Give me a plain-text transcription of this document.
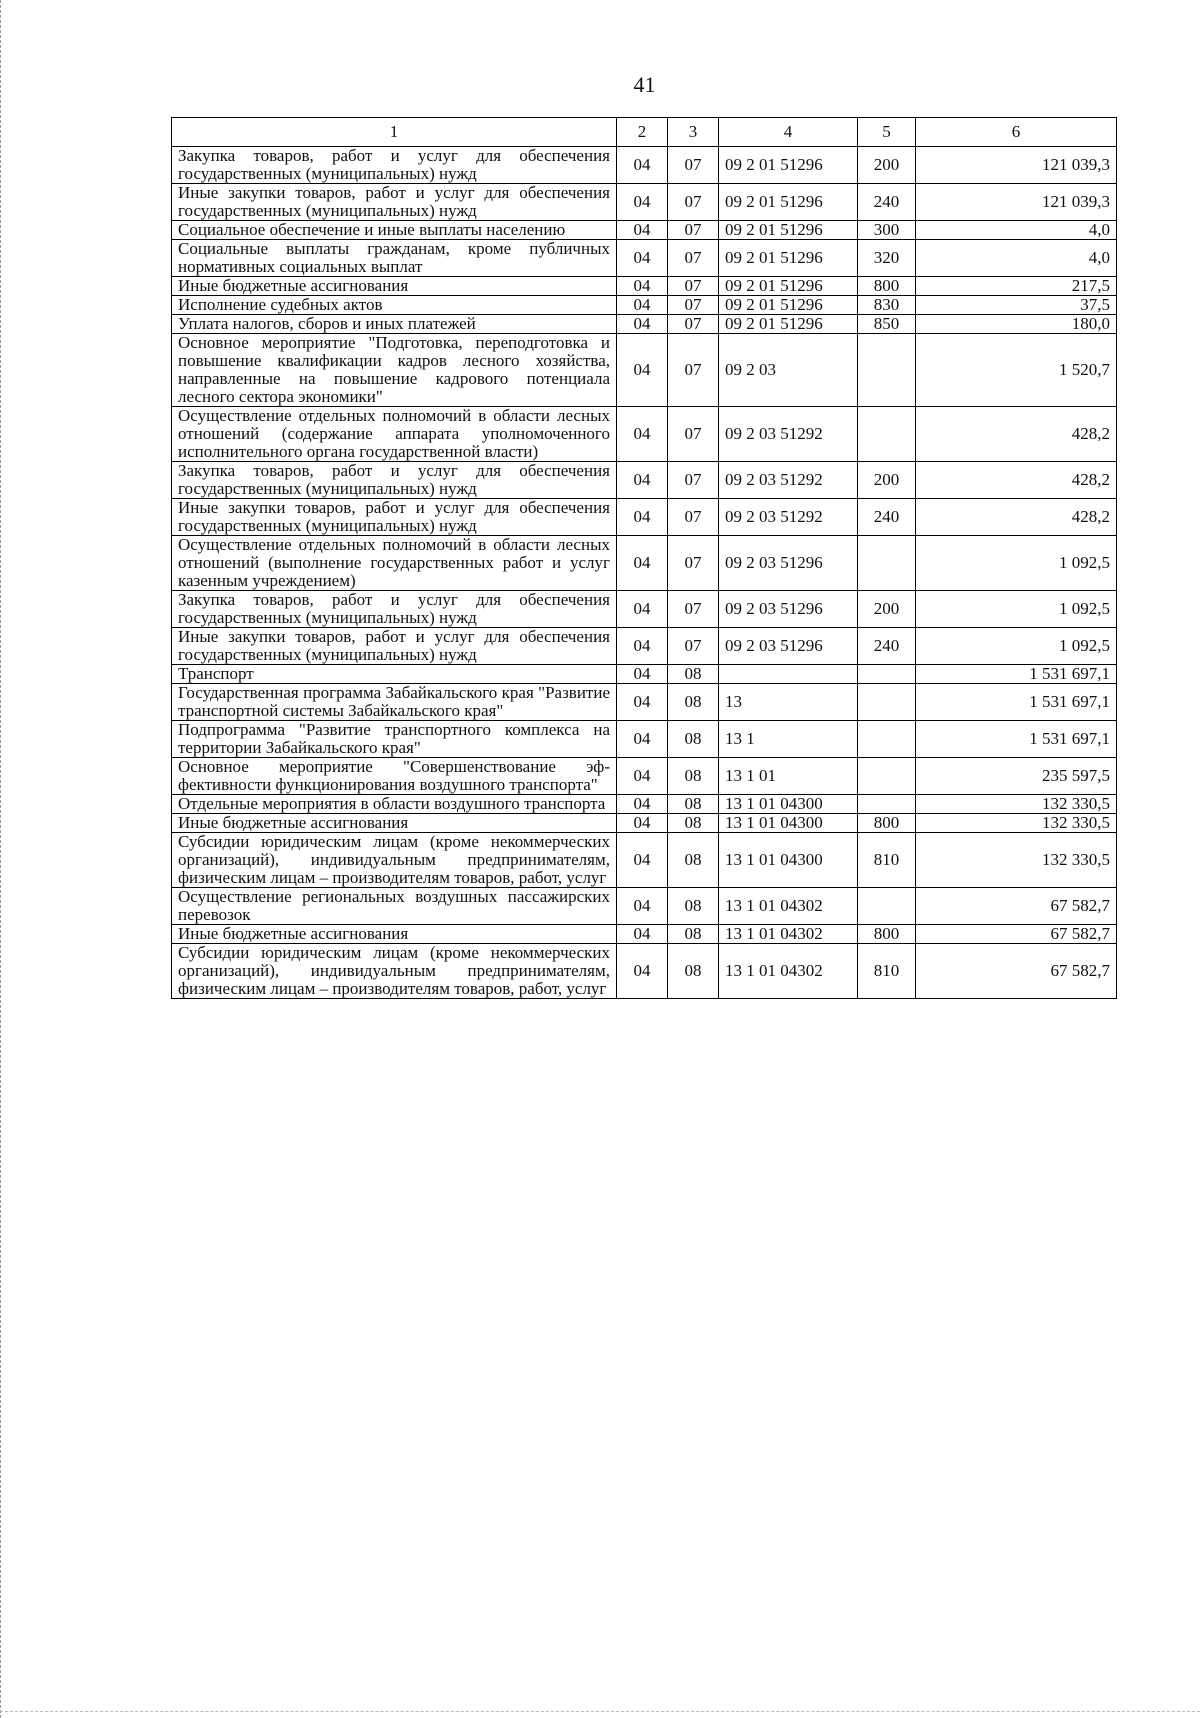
41
1	2	3	4	5	6
Закупка товаров, работ и услуг для обеспечения государственных (муниципальных) нужд	04	07	09 2 01 51296	200	121 039,3
Иные закупки товаров, работ и услуг для обеспечения государственных (муниципальных) нужд	04	07	09 2 01 51296	240	121 039,3
Социальное обеспечение и иные выплаты населению	04	07	09 2 01 51296	300	4,0
Социальные выплаты гражданам, кроме публичных нормативных социальных выплат	04	07	09 2 01 51296	320	4,0
Иные бюджетные ассигнования	04	07	09 2 01 51296	800	217,5
Исполнение судебных актов	04	07	09 2 01 51296	830	37,5
Уплата налогов, сборов и иных платежей	04	07	09 2 01 51296	850	180,0
Основное мероприятие "Подготовка, переподготовка и повышение квалификации кадров лесного хозяйства, направленные на повышение кадрового потенциала лесного сектора экономики"	04	07	09 2 03		1 520,7
Осуществление отдельных полномочий в области лесных отношений (содержание аппарата уполномоченного исполнительного органа государственной власти)	04	07	09 2 03 51292		428,2
Закупка товаров, работ и услуг для обеспечения государственных (муниципальных) нужд	04	07	09 2 03 51292	200	428,2
Иные закупки товаров, работ и услуг для обеспечения государственных (муниципальных) нужд	04	07	09 2 03 51292	240	428,2
Осуществление отдельных полномочий в области лесных отношений (выполнение государственных работ и услуг казенным учреждением)	04	07	09 2 03 51296		1 092,5
Закупка товаров, работ и услуг для обеспечения государственных (муниципальных) нужд	04	07	09 2 03 51296	200	1 092,5
Иные закупки товаров, работ и услуг для обеспечения государственных (муниципальных) нужд	04	07	09 2 03 51296	240	1 092,5
Транспорт	04	08			1 531 697,1
Государственная программа Забайкальского края "Развитие транспортной системы Забайкальского края"	04	08	13		1 531 697,1
Подпрограмма "Развитие транспортного комплекса на территории Забайкальского края"	04	08	13 1		1 531 697,1
Основное мероприятие "Совершенствование эффективности функционирования воздушного транспорта"	04	08	13 1 01		235 597,5
Отдельные мероприятия в области воздушного транспорта	04	08	13 1 01 04300		132 330,5
Иные бюджетные ассигнования	04	08	13 1 01 04300	800	132 330,5
Субсидии юридическим лицам (кроме некоммерческих организаций), индивидуальным предпринимателям, физическим лицам – производителям товаров, работ, услуг	04	08	13 1 01 04300	810	132 330,5
Осуществление региональных воздушных пассажирских перевозок	04	08	13 1 01 04302		67 582,7
Иные бюджетные ассигнования	04	08	13 1 01 04302	800	67 582,7
Субсидии юридическим лицам (кроме некоммерческих организаций), индивидуальным предпринимателям, физическим лицам – производителям товаров, работ, услуг	04	08	13 1 01 04302	810	67 582,7
